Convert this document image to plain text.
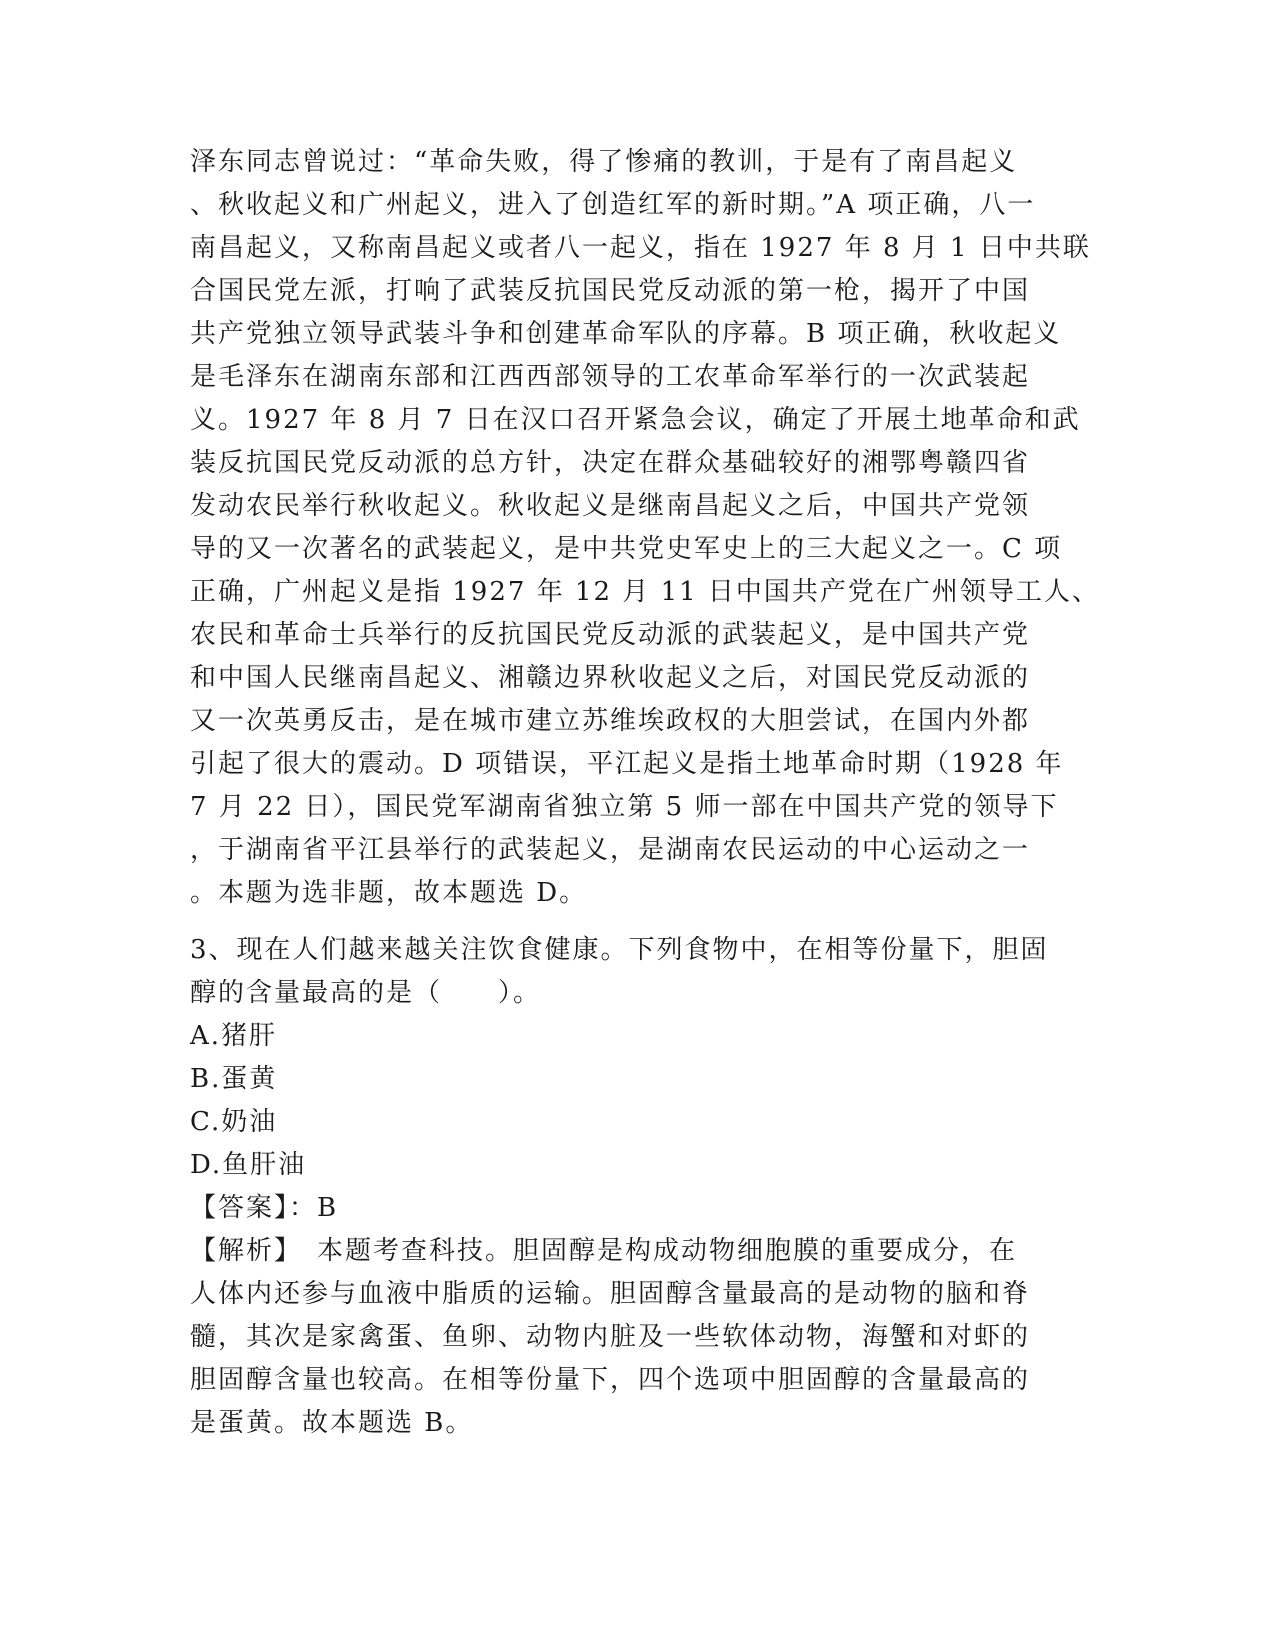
泽东同志曾说过：“革命失败，得了惨痛的教训，于是有了南昌起义
、秋收起义和广州起义，进入了创造红军的新时期。”A 项正确，八一
南昌起义，又称南昌起义或者八一起义，指在 1927 年 8 月 1 日中共联
合国民党左派，打响了武装反抗国民党反动派的第一枪，揭开了中国
共产党独立领导武装斗争和创建革命军队的序幕。B 项正确，秋收起义
是毛泽东在湖南东部和江西西部领导的工农革命军举行的一次武装起
义。1927 年 8 月 7 日在汉口召开紧急会议，确定了开展土地革命和武
装反抗国民党反动派的总方针，决定在群众基础较好的湘鄂粤赣四省
发动农民举行秋收起义。秋收起义是继南昌起义之后，中国共产党领
导的又一次著名的武装起义，是中共党史军史上的三大起义之一。C 项
正确，广州起义是指 1927 年 12 月 11 日中国共产党在广州领导工人、
农民和革命士兵举行的反抗国民党反动派的武装起义，是中国共产党
和中国人民继南昌起义、湘赣边界秋收起义之后，对国民党反动派的
又一次英勇反击，是在城市建立苏维埃政权的大胆尝试，在国内外都
引起了很大的震动。D 项错误，平江起义是指土地革命时期（1928 年
7 月 22 日），国民党军湖南省独立第 5 师一部在中国共产党的领导下
，于湖南省平江县举行的武装起义，是湖南农民运动的中心运动之一
。本题为选非题，故本题选 D。
3、现在人们越来越关注饮食健康。下列食物中，在相等份量下，胆固
醇的含量最高的是（　　）。
A.猪肝
B.蛋黄
C.奶油
D.鱼肝油
【答案】：B
【解析】　本题考查科技。胆固醇是构成动物细胞膜的重要成分，在
人体内还参与血液中脂质的运输。胆固醇含量最高的是动物的脑和脊
髓，其次是家禽蛋、鱼卵、动物内脏及一些软体动物，海蟹和对虾的
胆固醇含量也较高。在相等份量下，四个选项中胆固醇的含量最高的
是蛋黄。故本题选 B。
